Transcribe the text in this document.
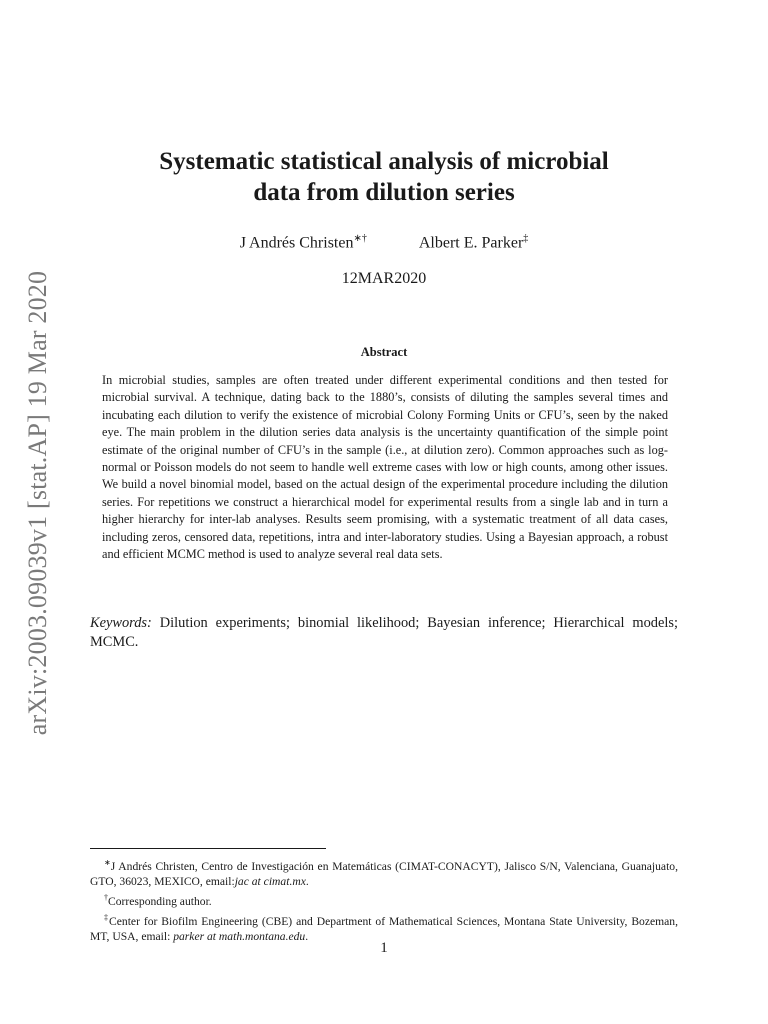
arXiv:2003.09039v1 [stat.AP] 19 Mar 2020
Systematic statistical analysis of microbial
data from dilution series
J Andrés Christen∗†	Albert E. Parker‡
12MAR2020
Abstract
In microbial studies, samples are often treated under different experimental conditions and then tested for microbial survival. A technique, dating back to the 1880’s, consists of diluting the samples several times and incubating each dilution to verify the existence of microbial Colony Forming Units or CFU’s, seen by the naked eye. The main problem in the dilution series data analysis is the uncertainty quantification of the simple point estimate of the original number of CFU’s in the sample (i.e., at dilution zero). Common approaches such as log-normal or Poisson models do not seem to handle well extreme cases with low or high counts, among other issues. We build a novel binomial model, based on the actual design of the experimental procedure including the dilution series. For repetitions we construct a hierarchical model for experimental results from a single lab and in turn a higher hierarchy for inter-lab analyses. Results seem promising, with a systematic treatment of all data cases, including zeros, censored data, repetitions, intra and inter-laboratory studies. Using a Bayesian approach, a robust and efficient MCMC method is used to analyze several real data sets.
Keywords: Dilution experiments; binomial likelihood; Bayesian inference; Hierarchical models; MCMC.

∗J Andrés Christen, Centro de Investigación en Matemáticas (CIMAT-CONACYT), Jalisco S/N, Valenciana, Guanajuato, GTO, 36023, MEXICO, email:jac at cimat.mx.

†Corresponding author.

‡Center for Biofilm Engineering (CBE) and Department of Mathematical Sciences, Montana State University, Bozeman, MT, USA, email: parker at math.montana.edu.

1
